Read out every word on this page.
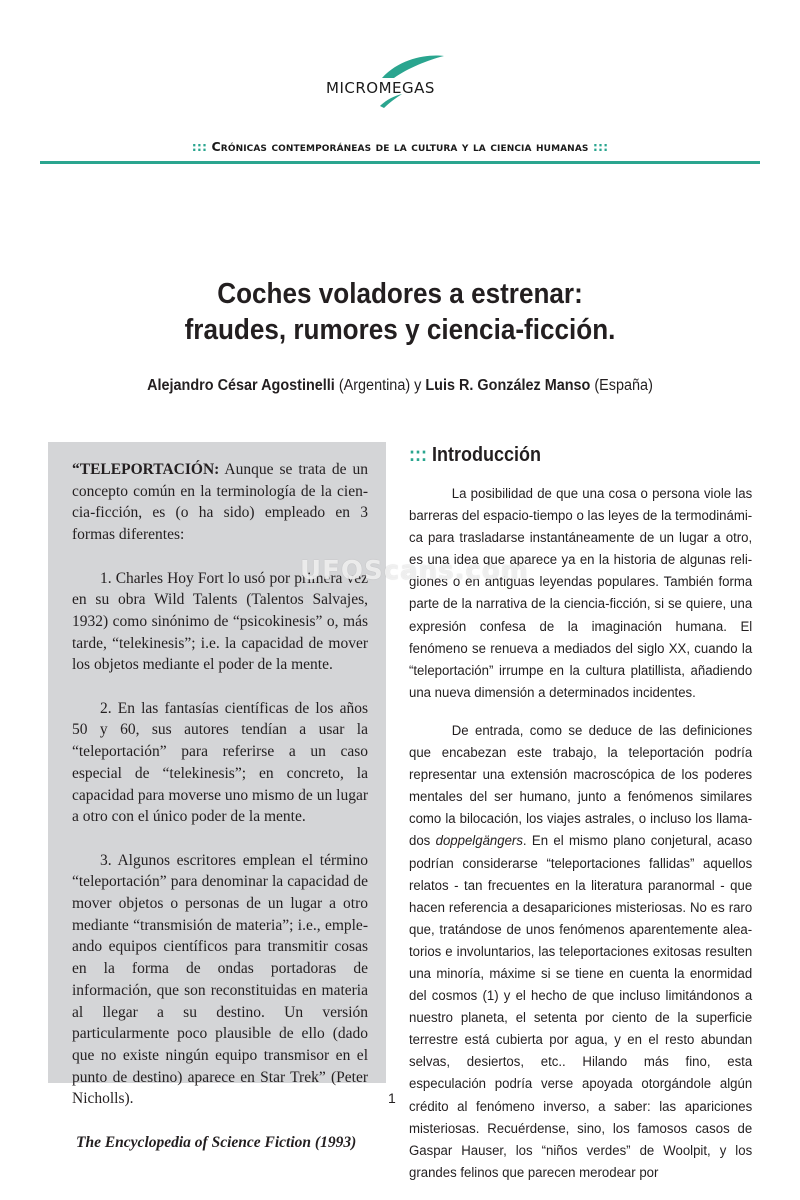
MICROMEGAS
::: Crónicas contemporáneas de la cultura y la ciencia humanas :::
Coches voladores a estrenar:
fraudes, rumores y ciencia-ficción.
Alejandro César Agostinelli (Argentina) y Luis R. González Manso (España)

“TELEPORTACIÓN: Aunque se trata de un concepto común en la terminología de la ciencia-ficción, es (o ha sido) empleado en 3 formas diferentes:

1. Charles Hoy Fort lo usó por primera vez en su obra Wild Talents (Talentos Salvajes, 1932) como sinónimo de “psicokinesis” o, más tarde, “telekinesis”; i.e. la capacidad de mover los objetos mediante el poder de la mente.

2. En las fantasías científicas de los años 50 y 60, sus autores tendían a usar la “teleportación” para referirse a un caso especial de “telekinesis”; en concreto, la capacidad para moverse uno mismo de un lugar a otro con el único poder de la mente.

3. Algunos escritores emplean el término “teleportación” para denominar la capacidad de mover objetos o personas de un lugar a otro mediante “transmisión de materia”; i.e., empleando equipos científicos para transmitir cosas en la forma de ondas portadoras de información, que son reconstituidas en materia al llegar a su destino. Un versión particularmente poco plausible de ello (dado que no existe ningún equipo transmisor en el punto de destino) aparece en Star Trek” (Peter Nicholls).

The Encyclopedia of Science Fiction (1993)

::: Introducción

La posibilidad de que una cosa o persona viole las barreras del espacio-tiempo o las leyes de la termodinámica para trasladarse instantáneamente de un lugar a otro, es una idea que aparece ya en la historia de algunas religiones o en antiguas leyendas populares. También forma parte de la narrativa de la ciencia-ficción, si se quiere, una expresión confesa de la imaginación humana. El fenómeno se renueva a mediados del siglo XX, cuando la “teleportación” irrumpe en la cultura platillista, añadiendo una nueva dimensión a determinados incidentes.

De entrada, como se deduce de las definiciones que encabezan este trabajo, la teleportación podría representar una extensión macroscópica de los poderes mentales del ser humano, junto a fenómenos similares como la bilocación, los viajes astrales, o incluso los llamados doppelgängers. En el mismo plano conjetural, acaso podrían considerarse “teleportaciones fallidas” aquellos relatos - tan frecuentes en la literatura paranormal - que hacen referencia a desapariciones misteriosas. No es raro que, tratándose de unos fenómenos aparentemente aleatorios e involuntarios, las teleportaciones exitosas resulten una minoría, máxime si se tiene en cuenta la enormidad del cosmos (1) y el hecho de que incluso limitándonos a nuestro planeta, el setenta por ciento de la superficie terrestre está cubierta por agua, y en el resto abundan selvas, desiertos, etc.. Hilando más fino, esta especulación podría verse apoyada otorgándole algún crédito al fenómeno inverso, a saber: las apariciones misteriosas. Recuérdense, sino, los famosos casos de Gaspar Hauser, los “niños verdes” de Woolpit, y los grandes felinos que parecen merodear por

UFOScans.com
1
